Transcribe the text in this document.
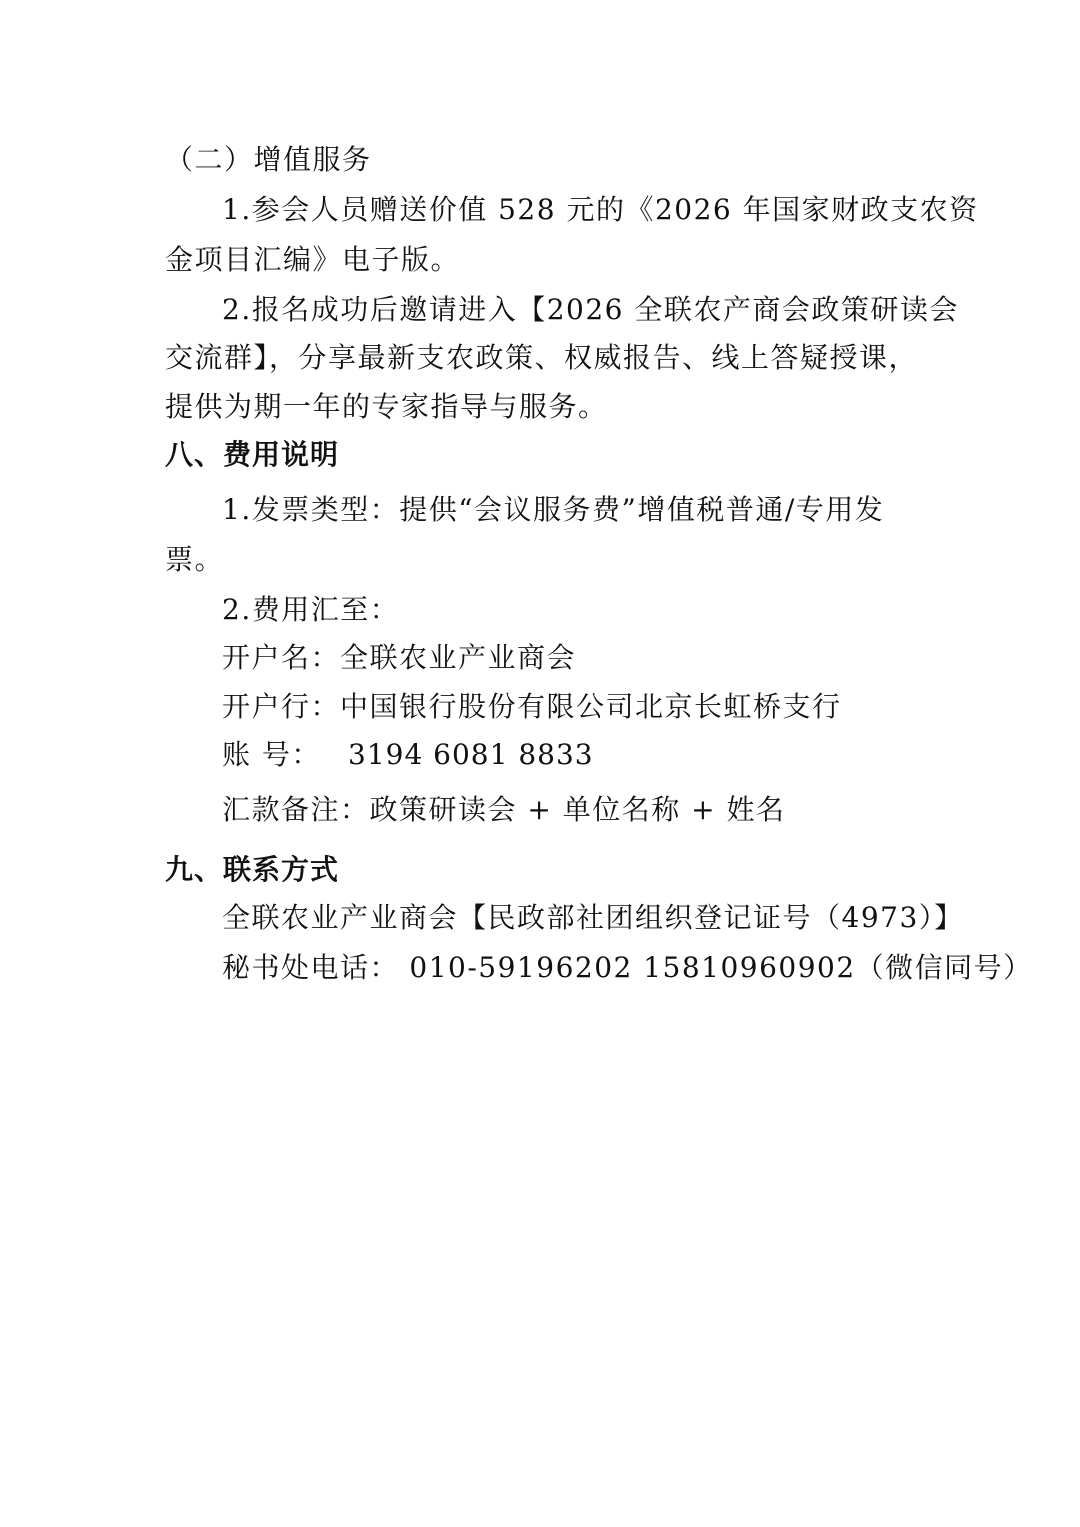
（二）增值服务
1.参会人员赠送价值 528 元的《2026 年国家财政支农资
金项目汇编》电子版。
2.报名成功后邀请进入【2026 全联农产商会政策研读会
交流群】，分享最新支农政策、权威报告、线上答疑授课，
提供为期一年的专家指导与服务。
八、费用说明
1.发票类型：提供“会议服务费”增值税普通/专用发
票。
2.费用汇至：
开户名：全联农业产业商会
开户行：中国银行股份有限公司北京长虹桥支行
账 号： 3194 6081 8833
汇款备注：政策研读会 + 单位名称 + 姓名
九、联系方式
全联农业产业商会【民政部社团组织登记证号（4973）】
秘书处电话： 010-59196202 15810960902（微信同号）
